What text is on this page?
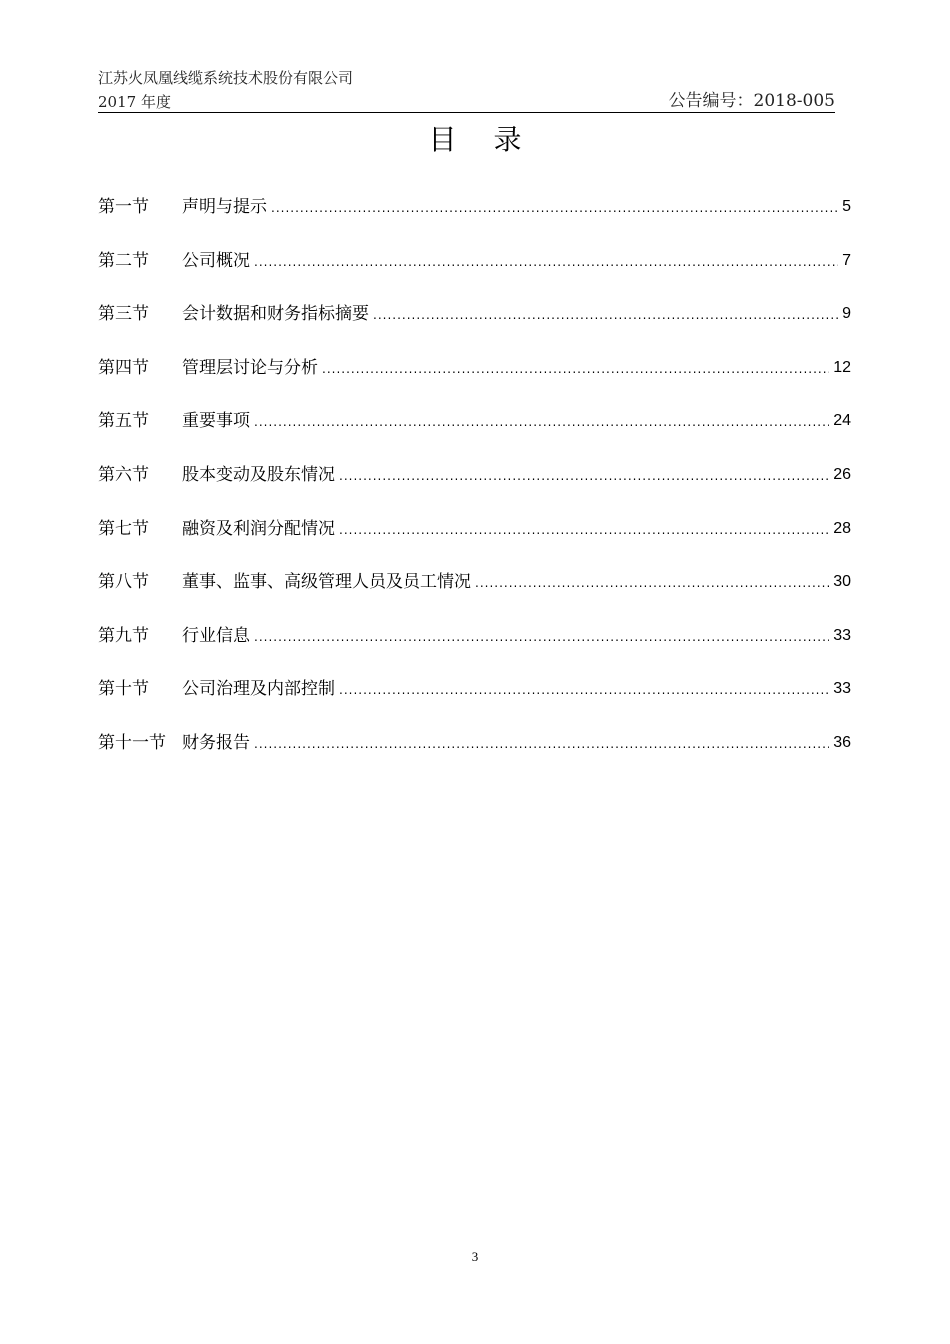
江苏火凤凰线缆系统技术股份有限公司
2017 年度	公告编号：2018-005
目 录
第一节	声明与提示 .....	5
第二节	公司概况 .....	7
第三节	会计数据和财务指标摘要 .....	9
第四节	管理层讨论与分析 .....	12
第五节	重要事项 .....	24
第六节	股本变动及股东情况 .....	26
第七节	融资及利润分配情况 .....	28
第八节	董事、监事、高级管理人员及员工情况 .....	30
第九节	行业信息 .....	33
第十节	公司治理及内部控制 .....	33
第十一节 财务报告 .....	36
3
